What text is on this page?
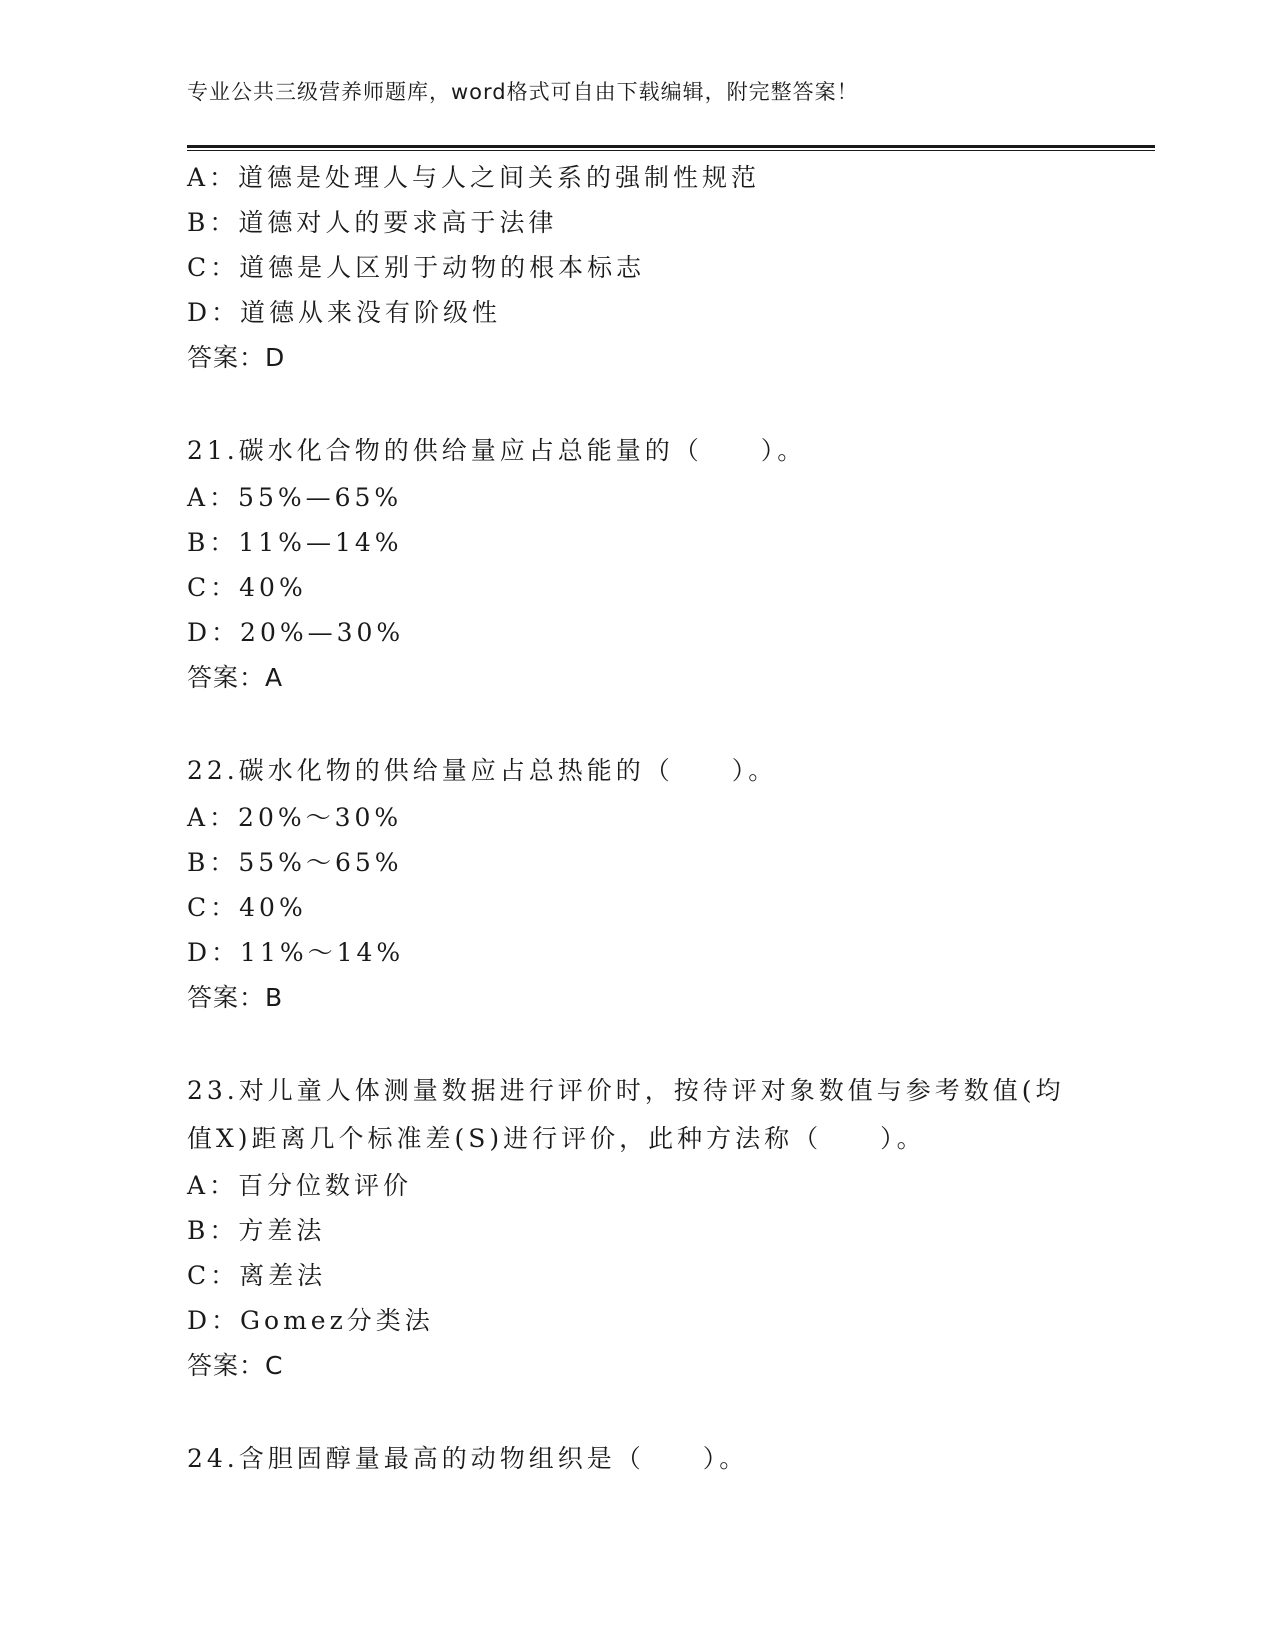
专业公共三级营养师题库，word格式可自由下载编辑，附完整答案！
A：道德是处理人与人之间关系的强制性规范
B：道德对人的要求高于法律
C：道德是人区别于动物的根本标志
D：道德从来没有阶级性
答案：D
21.碳水化合物的供给量应占总能量的（　　）。
A：55%—65%
B：11%—14%
C：40%
D：20%—30%
答案：A
22.碳水化物的供给量应占总热能的（　　）。
A：20%～30%
B：55%～65%
C：40%
D：11%～14%
答案：B
23.对儿童人体测量数据进行评价时，按待评对象数值与参考数值(均
值X)距离几个标准差(S)进行评价，此种方法称（　　）。
A：百分位数评价
B：方差法
C：离差法
D：Gomez分类法
答案：C
24.含胆固醇量最高的动物组织是（　　）。
